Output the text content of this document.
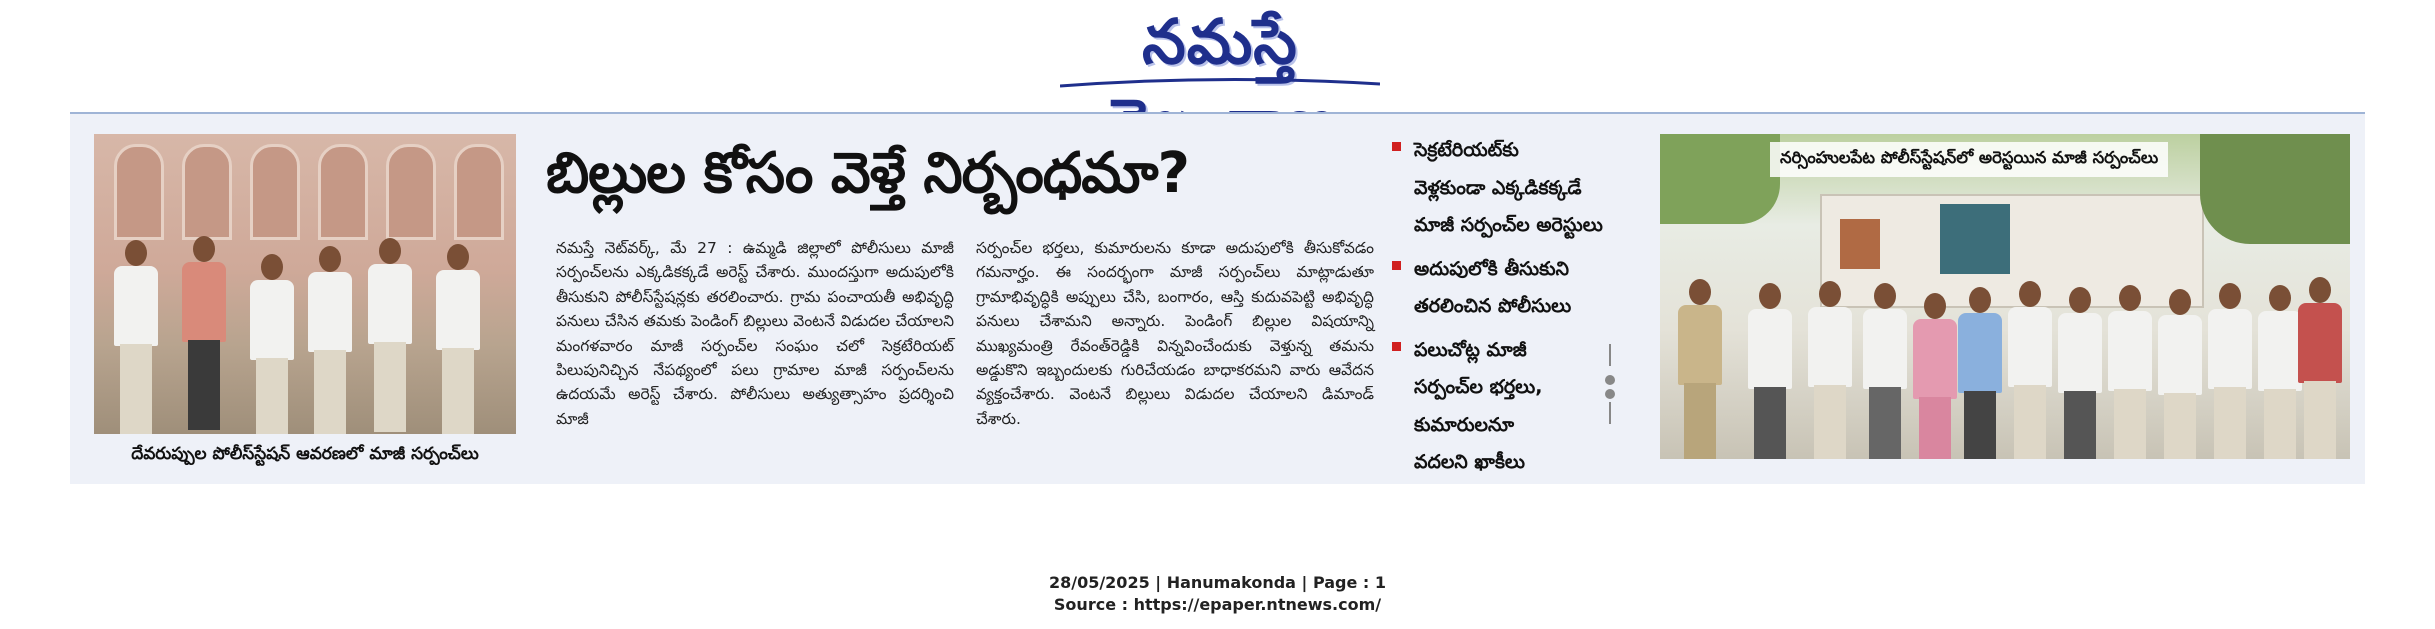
నమస్తే
దేవరుప్పుల పోలీస్‌స్టేషన్‌ ఆవరణలో మాజీ సర్పంచ్‌లు
బిల్లుల కోసం వెళ్తే నిర్బంధమా?

నమస్తే నెట్‌వర్క్‌, మే 27 : ఉమ్మడి జిల్లాలో పోలీసులు మాజీ సర్పంచ్‌లను ఎక్కడికక్కడే అరెస్ట్‌ చేశారు. ముందస్తుగా అదుపులోకి తీసుకుని పోలీస్‌స్టేషన్లకు తరలించారు. గ్రామ పంచాయతీ అభివృద్ధి పనులు చేసిన తమకు పెండింగ్‌ బిల్లులు వెంటనే విడుదల చేయాలని మంగళవారం మాజీ సర్పంచ్‌ల సంఘం చలో సెక్రటేరియట్‌ పిలుపునిచ్చిన నేపథ్యంలో పలు గ్రామాల మాజీ సర్పంచ్‌లను ఉదయమే అరెస్ట్‌ చేశారు. పోలీసులు అత్యుత్సాహం ప్రదర్శించి మాజీ

సర్పంచ్‌ల భర్తలు, కుమారులను కూడా అదుపులోకి తీసుకోవడం గమనార్హం. ఈ సందర్భంగా మాజీ సర్పంచ్‌లు మాట్లాడుతూ గ్రామాభివృద్ధికి అప్పులు చేసి, బంగారం, ఆస్తి కుదువపెట్టి అభివృద్ధి పనులు చేశామని అన్నారు. పెండింగ్‌ బిల్లుల విషయాన్ని ముఖ్యమంత్రి రేవంత్‌రెడ్డికి విన్నవించేందుకు వెళ్తున్న తమను అడ్డుకొని ఇబ్బందులకు గురిచేయడం బాధాకరమని వారు ఆవేదన వ్యక్తంచేశారు. వెంటనే బిల్లులు విడుదల చేయాలని డిమాండ్‌ చేశారు.

సెక్రటేరియట్‌కు
వెళ్లకుండా ఎక్కడికక్కడే
మాజీ సర్పంచ్‌ల అరెస్టులు
అదుపులోకి తీసుకుని
తరలించిన పోలీసులు
పలుచోట్ల మాజీ
సర్పంచ్‌ల భర్తలు,
కుమారులనూ
వదలని ఖాకీలు
నర్సింహులపేట పోలీస్‌స్టేషన్‌లో అరెస్టయిన మాజీ సర్పంచ్‌లు
28/05/2025 | Hanumakonda | Page : 1
Source : https://epaper.ntnews.com/
